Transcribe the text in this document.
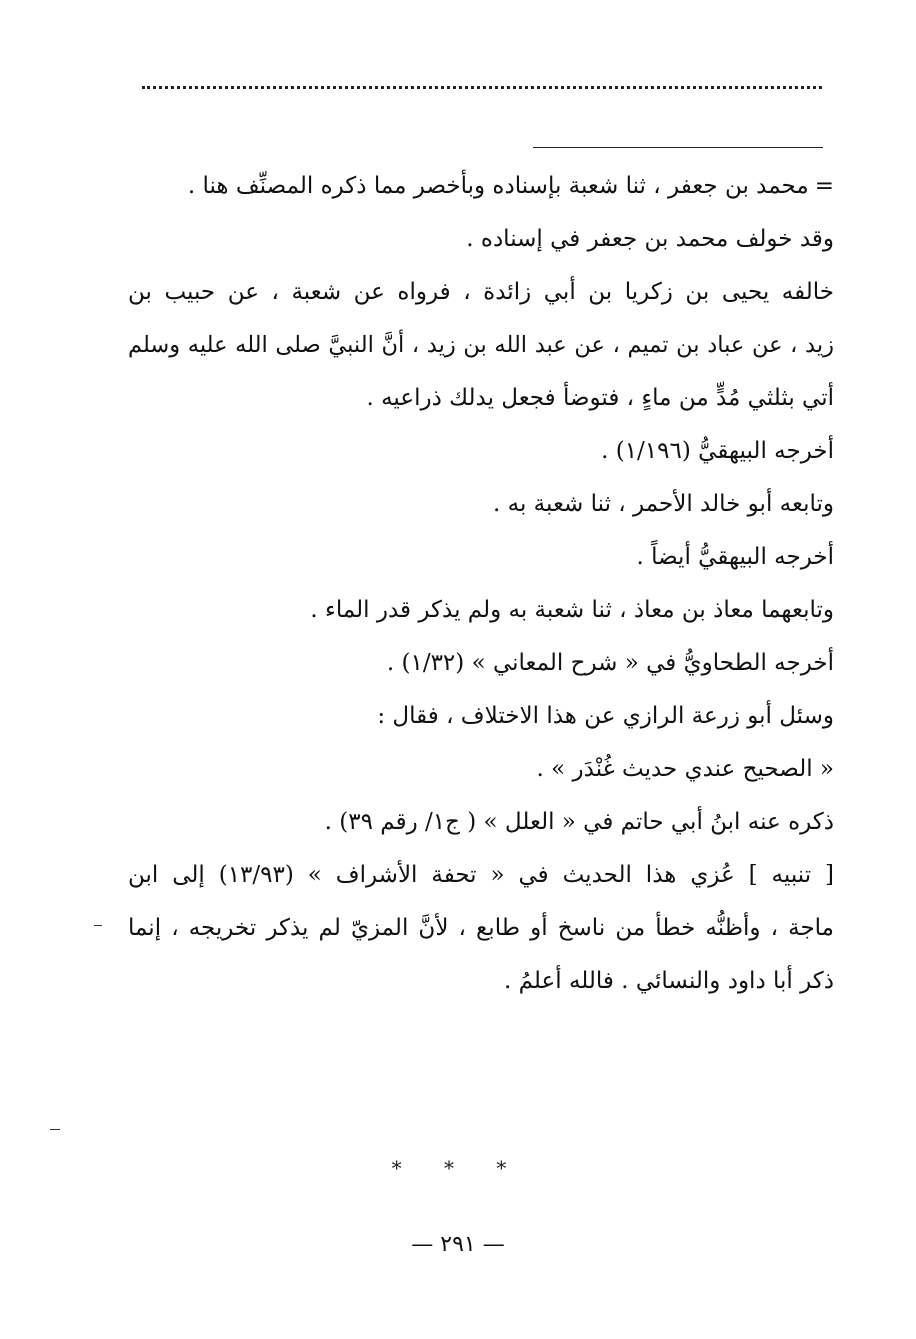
=محمد بن جعفر ، ثنا شعبة بإسناده وبأخصر مما ذكره المصنِّف هنا .
وقد خولف محمد بن جعفر في إسناده .
خالفه يحيى بن زكريا بن أبي زائدة ، فرواه عن شعبة ، عن حبيب بن
زيد ، عن عباد بن تميم ، عن عبد الله بن زيد ، أنَّ النبيَّ صلى الله عليه وسلم
أتي بثلثي مُدٍّ من ماءٍ ، فتوضأ فجعل يدلك ذراعيه .
أخرجه البيهقيُّ (١/١٩٦) .
وتابعه أبو خالد الأحمر ، ثنا شعبة به .
أخرجه البيهقيُّ أيضاً .
وتابعهما معاذ بن معاذ ، ثنا شعبة به ولم يذكر قدر الماء .
أخرجه الطحاويُّ في « شرح المعاني » (١/٣٢) .
وسئل أبو زرعة الرازي عن هذا الاختلاف ، فقال :
« الصحيح عندي حديث غُنْدَر » .
ذكره عنه ابنُ أبي حاتم في « العلل » ( ج١/ رقم ٣٩) .
[ تنبيه ] عُزي هذا الحديث في « تحفة الأشراف » (١٣/٩٣) إلى ابن
ماجة ، وأظنُّه خطأ من ناسخ أو طابع ، لأنَّ المزيّ لم يذكر تخريجه ، إنما
ذكر أبا داود والنسائي . فالله أعلمُ .
* * *
— ٢٩١ —
